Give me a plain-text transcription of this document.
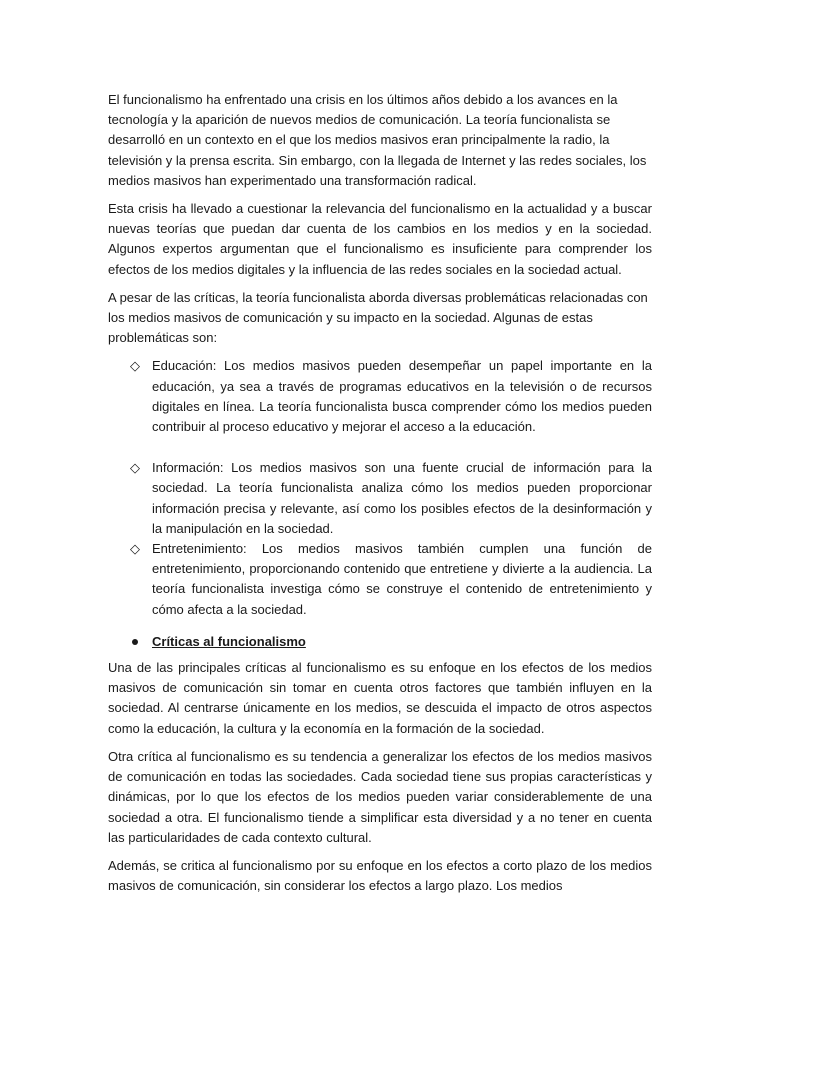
El funcionalismo ha enfrentado una crisis en los últimos años debido a los avances en la tecnología y la aparición de nuevos medios de comunicación. La teoría funcionalista se desarrolló en un contexto en el que los medios masivos eran principalmente la radio, la televisión y la prensa escrita. Sin embargo, con la llegada de Internet y las redes sociales, los medios masivos han experimentado una transformación radical.

Esta crisis ha llevado a cuestionar la relevancia del funcionalismo en la actualidad y a buscar nuevas teorías que puedan dar cuenta de los cambios en los medios y en la sociedad. Algunos expertos argumentan que el funcionalismo es insuficiente para comprender los efectos de los medios digitales y la influencia de las redes sociales en la sociedad actual.

A pesar de las críticas, la teoría funcionalista aborda diversas problemáticas relacionadas con los medios masivos de comunicación y su impacto en la sociedad. Algunas de estas problemáticas son:

◇ Educación: Los medios masivos pueden desempeñar un papel importante en la educación, ya sea a través de programas educativos en la televisión o de recursos digitales en línea. La teoría funcionalista busca comprender cómo los medios pueden contribuir al proceso educativo y mejorar el acceso a la educación.
◇ Información: Los medios masivos son una fuente crucial de información para la sociedad. La teoría funcionalista analiza cómo los medios pueden proporcionar información precisa y relevante, así como los posibles efectos de la desinformación y la manipulación en la sociedad.
◇ Entretenimiento: Los medios masivos también cumplen una función de entretenimiento, proporcionando contenido que entretiene y divierte a la audiencia. La teoría funcionalista investiga cómo se construye el contenido de entretenimiento y cómo afecta a la sociedad.
Críticas al funcionalismo

Una de las principales críticas al funcionalismo es su enfoque en los efectos de los medios masivos de comunicación sin tomar en cuenta otros factores que también influyen en la sociedad. Al centrarse únicamente en los medios, se descuida el impacto de otros aspectos como la educación, la cultura y la economía en la formación de la sociedad.

Otra crítica al funcionalismo es su tendencia a generalizar los efectos de los medios masivos de comunicación en todas las sociedades. Cada sociedad tiene sus propias características y dinámicas, por lo que los efectos de los medios pueden variar considerablemente de una sociedad a otra. El funcionalismo tiende a simplificar esta diversidad y a no tener en cuenta las particularidades de cada contexto cultural.

Además, se critica al funcionalismo por su enfoque en los efectos a corto plazo de los medios masivos de comunicación, sin considerar los efectos a largo plazo. Los medios
